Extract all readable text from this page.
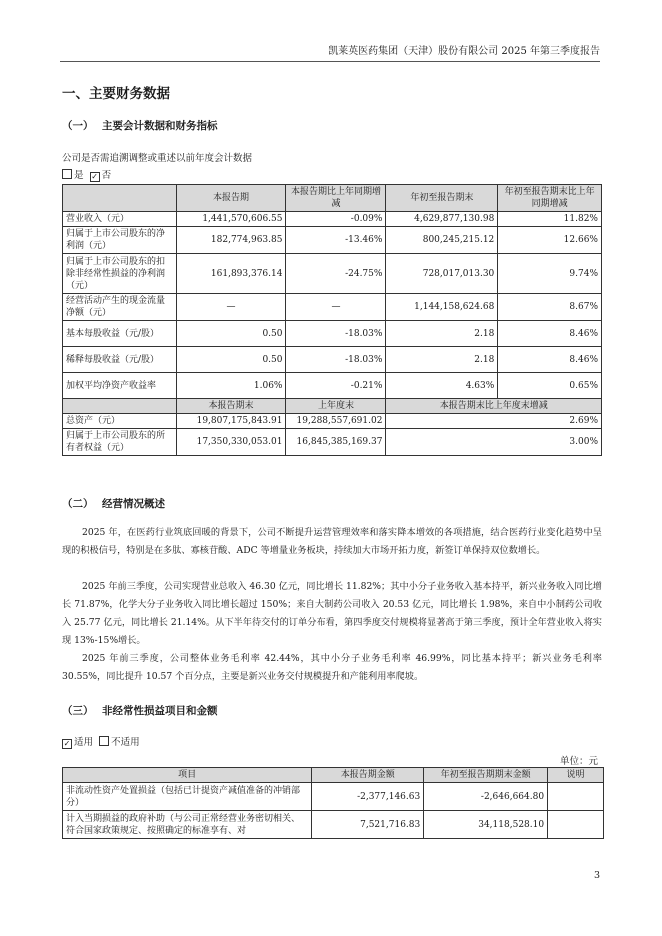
凯莱英医药集团（天津）股份有限公司 2025 年第三季度报告
一、主要财务数据
（一） 主要会计数据和财务指标
公司是否需追溯调整或重述以前年度会计数据
是 ✓ 否
	本报告期	本报告期比上年同期增减	年初至报告期末	年初至报告期末比上年同期增减
营业收入（元）	1,441,570,606.55	-0.09%	4,629,877,130.98	11.82%
归属于上市公司股东的净利润（元）	182,774,963.85	-13.46%	800,245,215.12	12.66%
归属于上市公司股东的扣除非经常性损益的净利润（元）	161,893,376.14	-24.75%	728,017,013.30	9.74%
经营活动产生的现金流量净额（元）	—	—	1,144,158,624.68	8.67%
基本每股收益（元/股）	0.50	-18.03%	2.18	8.46%
稀释每股收益（元/股）	0.50	-18.03%	2.18	8.46%
加权平均净资产收益率	1.06%	-0.21%	4.63%	0.65%
	本报告期末	上年度末	本报告期末比上年度末增减	
总资产（元）	19,807,175,843.91	19,288,557,691.02	2.69%	
归属于上市公司股东的所有者权益（元）	17,350,330,053.01	16,845,385,169.37	3.00%	
（二） 经营情况概述
2025 年，在医药行业筑底回暖的背景下，公司不断提升运营管理效率和落实降本增效的各项措施，结合医药行业变化趋势中呈现的积极信号，特别是在多肽、寡核苷酸、ADC 等增量业务板块，持续加大市场开拓力度，新签订单保持双位数增长。
2025 年前三季度，公司实现营业总收入 46.30 亿元，同比增长 11.82%；其中小分子业务收入基本持平，新兴业务收入同比增长 71.87%，化学大分子业务收入同比增长超过 150%；来自大制药公司收入 20.53 亿元，同比增长 1.98%，来自中小制药公司收入 25.77 亿元，同比增长 21.14%。从下半年待交付的订单分布看，第四季度交付规模将显著高于第三季度，预计全年营业收入将实现 13%-15%增长。
2025 年前三季度，公司整体业务毛利率 42.44%，其中小分子业务毛利率 46.99%，同比基本持平；新兴业务毛利率 30.55%，同比提升 10.57 个百分点，主要是新兴业务交付规模提升和产能利用率爬坡。
（三） 非经常性损益项目和金额
✓ 适用 不适用
单位：元
项目	本报告期金额	年初至报告期期末金额	说明
非流动性资产处置损益（包括已计提资产减值准备的冲销部分）	-2,377,146.63	-2,646,664.80	
计入当期损益的政府补助（与公司正常经营业务密切相关、符合国家政策规定、按照确定的标准享有、对	7,521,716.83	34,118,528.10	
3
